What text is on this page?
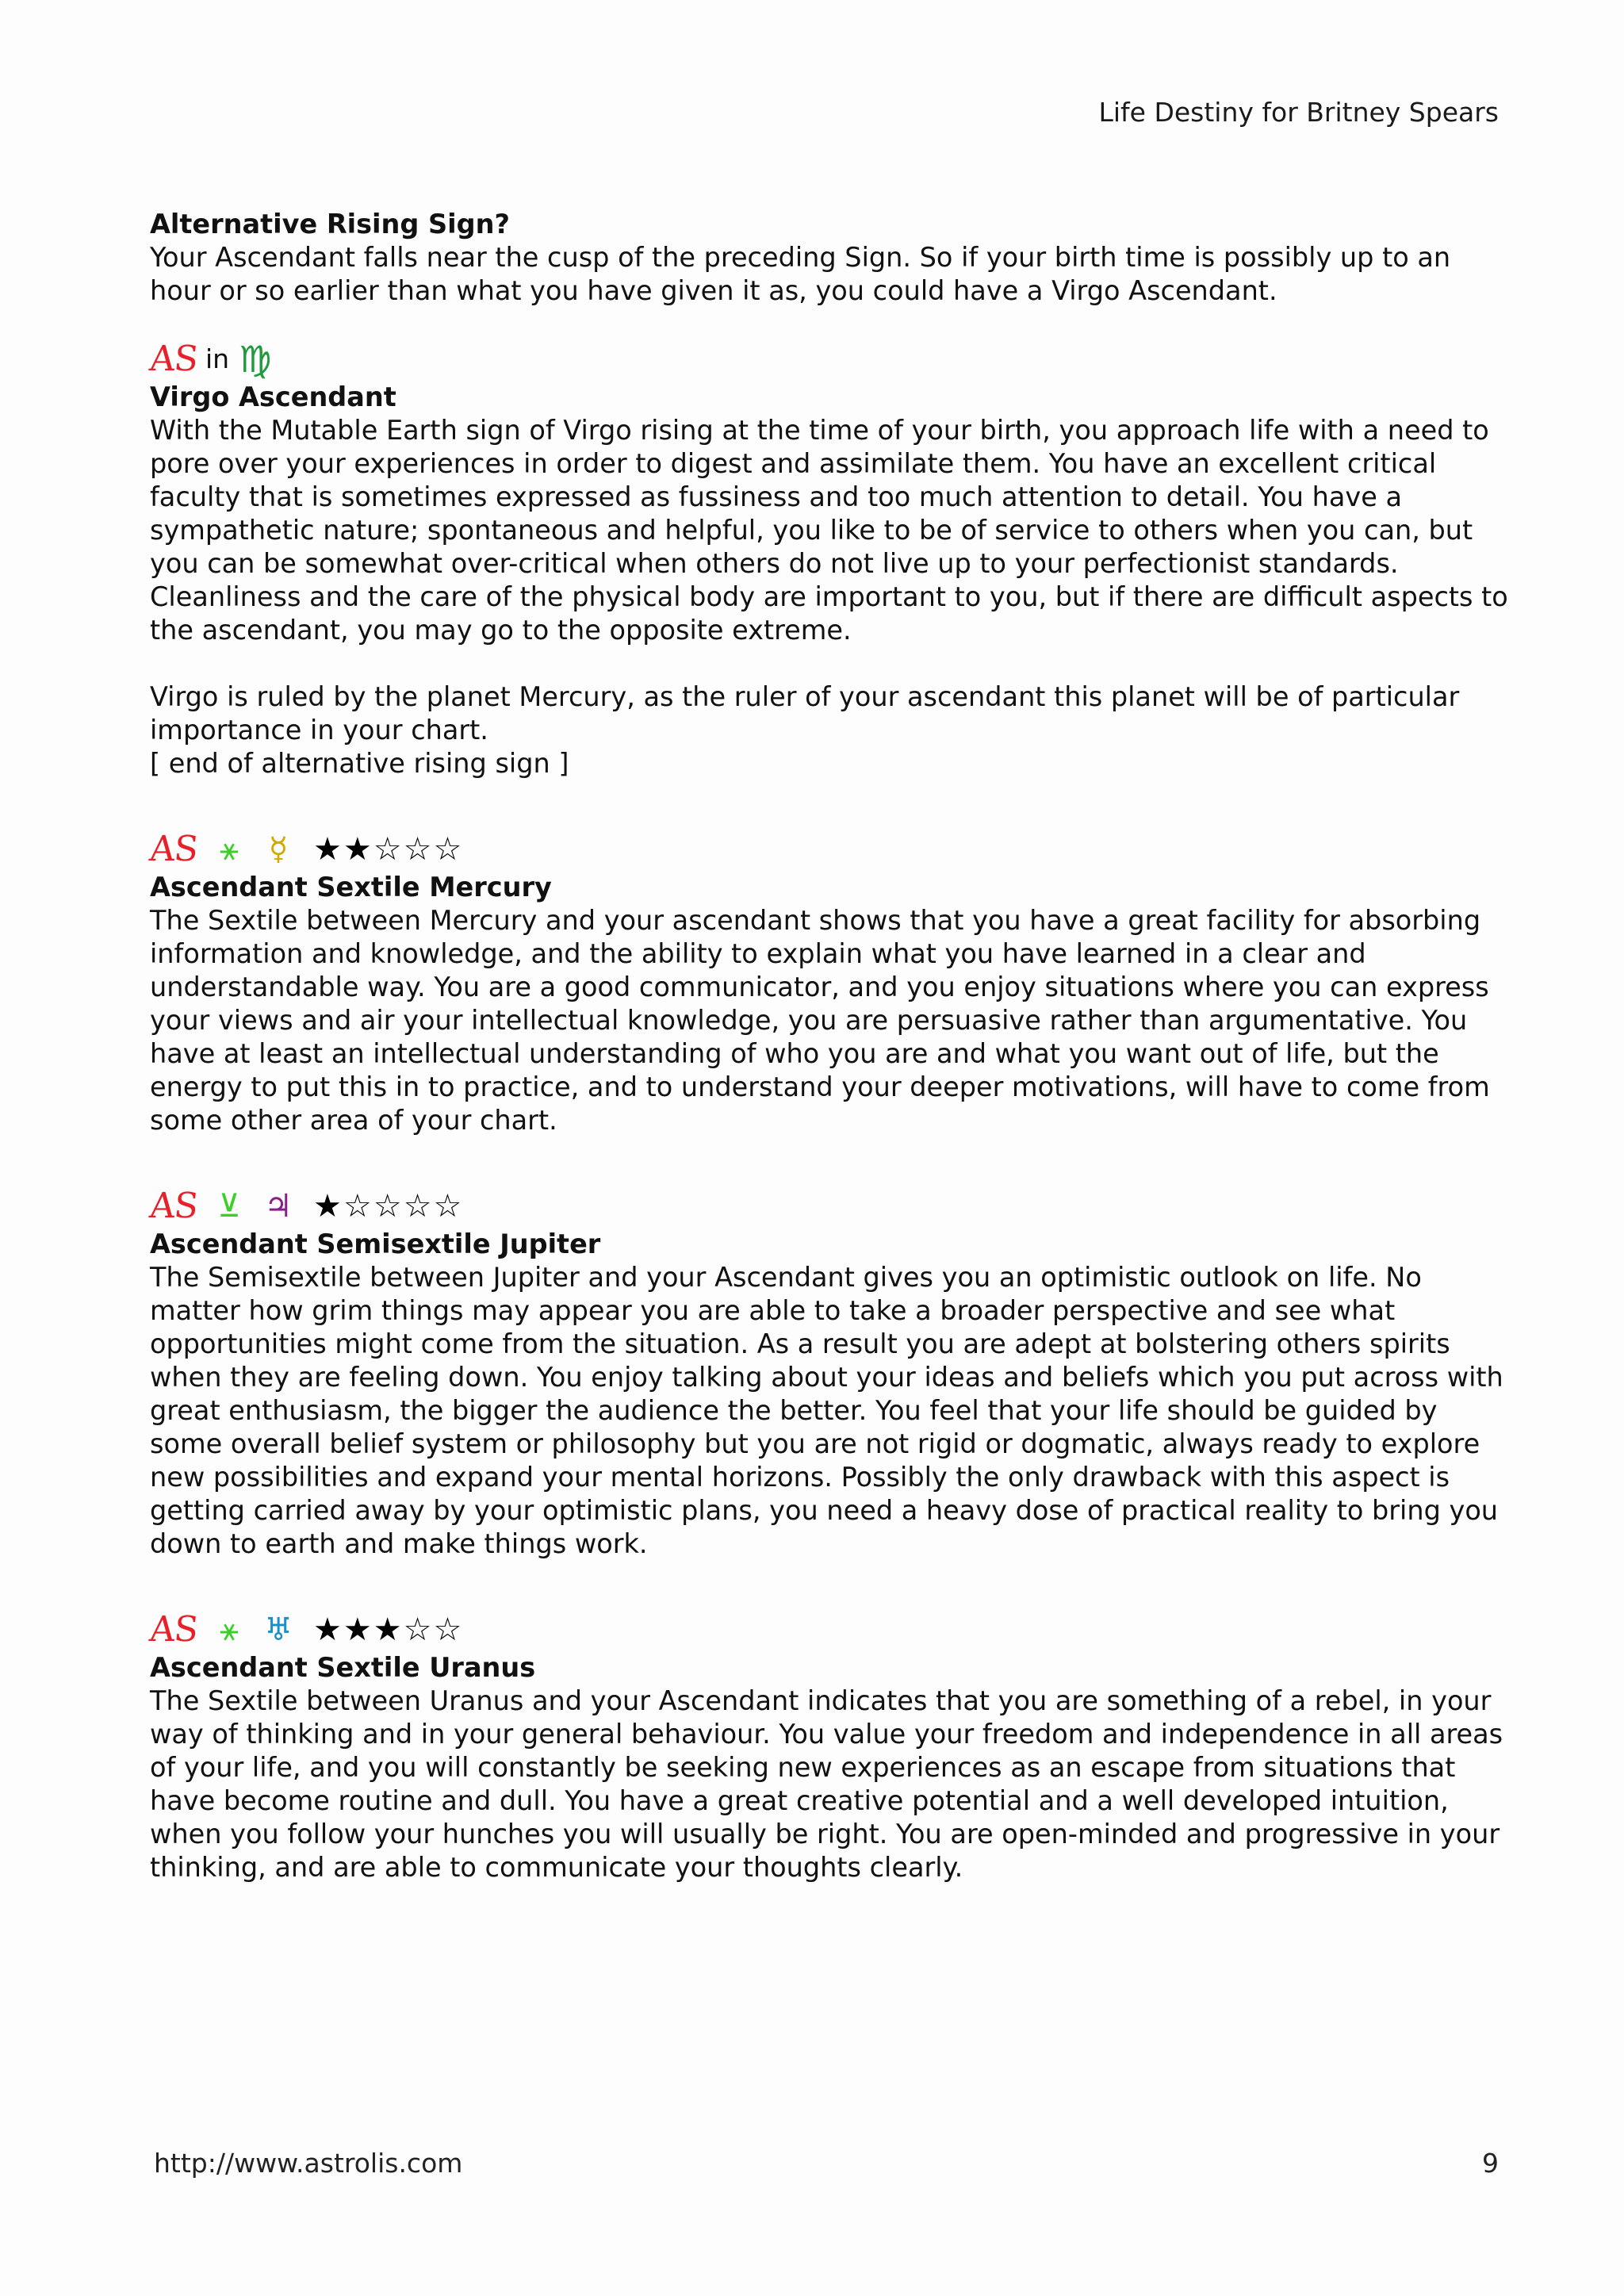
Life Destiny for Britney Spears

Alternative Rising Sign?

Your Ascendant falls near the cusp of the preceding Sign. So if your birth time is possibly up to an hour or so earlier than what you have given it as, you could have a Virgo Ascendant.

AS in ♍

Virgo Ascendant

With the Mutable Earth sign of Virgo rising at the time of your birth, you approach life with a need to pore over your experiences in order to digest and assimilate them. You have an excellent critical faculty that is sometimes expressed as fussiness and too much attention to detail. You have a sympathetic nature; spontaneous and helpful, you like to be of service to others when you can, but you can be somewhat over-critical when others do not live up to your perfectionist standards. Cleanliness and the care of the physical body are important to you, but if there are difficult aspects to the ascendant, you may go to the opposite extreme.

Virgo is ruled by the planet Mercury, as the ruler of your ascendant this planet will be of particular importance in your chart.

[ end of alternative rising sign ]

AS ⚹ ☿ ★★☆☆☆

Ascendant Sextile Mercury

The Sextile between Mercury and your ascendant shows that you have a great facility for absorbing information and knowledge, and the ability to explain what you have learned in a clear and understandable way. You are a good communicator, and you enjoy situations where you can express your views and air your intellectual knowledge, you are persuasive rather than argumentative. You have at least an intellectual understanding of who you are and what you want out of life, but the energy to put this in to practice, and to understand your deeper motivations, will have to come from some other area of your chart.

AS ⊻ ♃ ★☆☆☆☆

Ascendant Semisextile Jupiter

The Semisextile between Jupiter and your Ascendant gives you an optimistic outlook on life. No matter how grim things may appear you are able to take a broader perspective and see what opportunities might come from the situation. As a result you are adept at bolstering others spirits when they are feeling down. You enjoy talking about your ideas and beliefs which you put across with great enthusiasm, the bigger the audience the better. You feel that your life should be guided by some overall belief system or philosophy but you are not rigid or dogmatic, always ready to explore new possibilities and expand your mental horizons. Possibly the only drawback with this aspect is getting carried away by your optimistic plans, you need a heavy dose of practical reality to bring you down to earth and make things work.

AS ⚹ ♅ ★★★☆☆

Ascendant Sextile Uranus

The Sextile between Uranus and your Ascendant indicates that you are something of a rebel, in your way of thinking and in your general behaviour. You value your freedom and independence in all areas of your life, and you will constantly be seeking new experiences as an escape from situations that have become routine and dull. You have a great creative potential and a well developed intuition, when you follow your hunches you will usually be right. You are open-minded and progressive in your thinking, and are able to communicate your thoughts clearly.

http://www.astrolis.com	9
